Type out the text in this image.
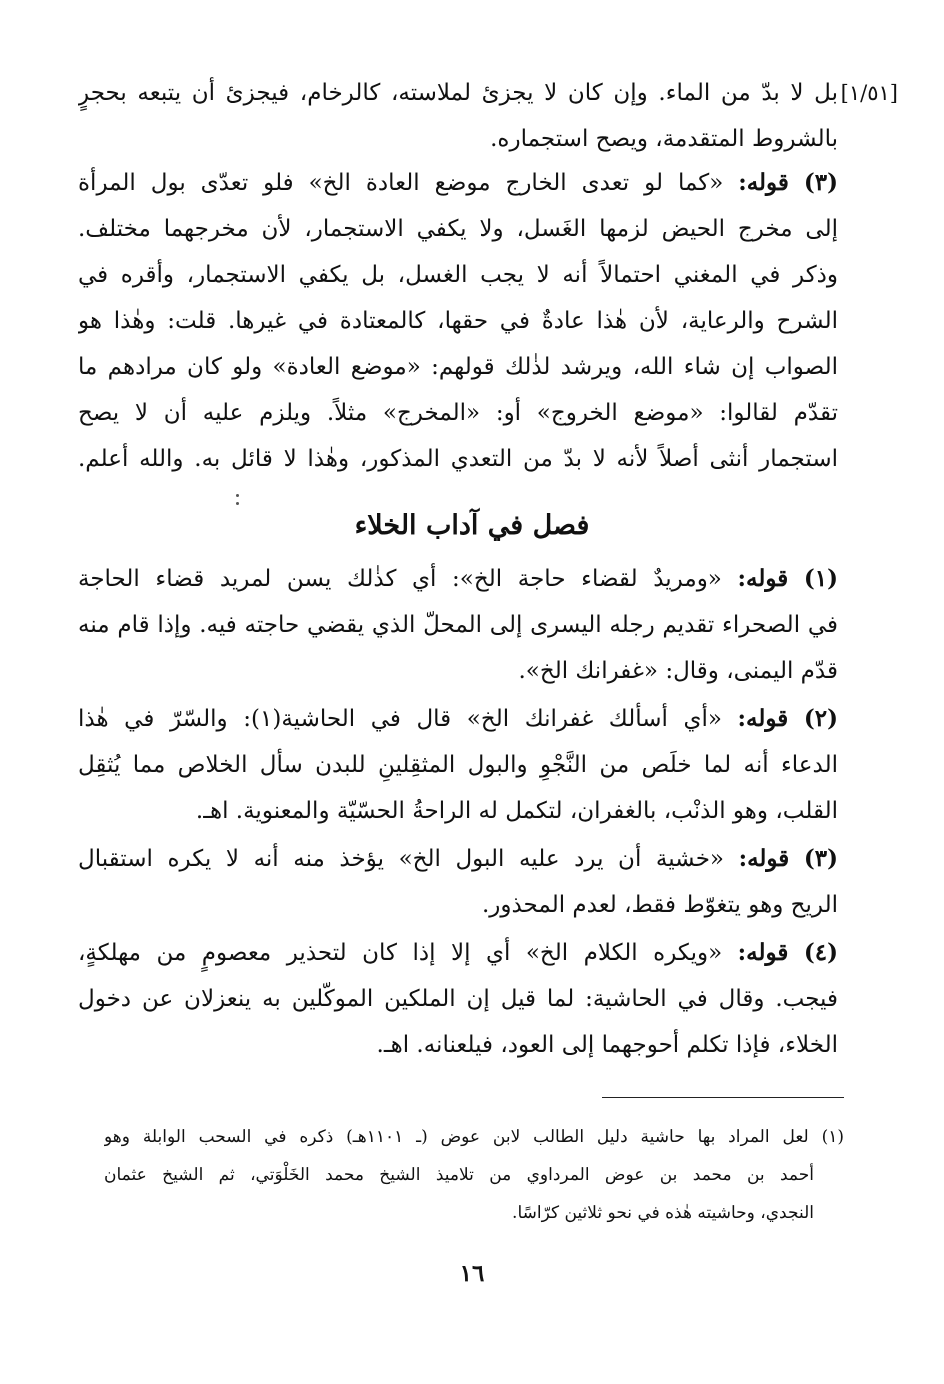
[١/٥١]
بل لا بدّ من الماء. وإن كان لا يجزئ لملاسته، كالرخام، فيجزئ أن يتبعه بحجرٍ
بالشروط المتقدمة، ويصح استجماره.
(٣) قوله: «كما لو تعدى الخارج موضع العادة الخ» فلو تعدّى بول المرأة
إلى مخرج الحيض لزمها الغَسل، ولا يكفي الاستجمار، لأن مخرجهما مختلف.
وذكر في المغني احتمالاً أنه لا يجب الغسل، بل يكفي الاستجمار، وأقره في
الشرح والرعاية، لأن هٰذا عادةٌ في حقها، كالمعتادة في غيرها. قلت: وهٰذا هو
الصواب إن شاء الله، ويرشد لذٰلك قولهم: «موضع العادة» ولو كان مرادهم ما
تقدّم لقالوا: «موضع الخروج» أو: «المخرج» مثلاً. ويلزم عليه أن لا يصح
استجمار أنثى أصلاً لأنه لا بدّ من التعدي المذكور، وهٰذا لا قائل به. والله أعلم.
فصل في آداب الخلاء
(١) قوله: «ومريدٌ لقضاء حاجة الخ»: أي كذٰلك يسن لمريد قضاء الحاجة
في الصحراء تقديم رجله اليسرى إلى المحلّ الذي يقضي حاجته فيه. وإذا قام منه
قدّم اليمنى، وقال: «غفرانك الخ».
(٢) قوله: «أي أسألك غفرانك الخ» قال في الحاشية(١): والسّرّ في هٰذا
الدعاء أنه لما خلَص من النَّجْوِ والبول المثقِلينِ للبدن سأل الخلاص مما يُثقِل
القلب، وهو الذنْب، بالغفران، لتكمل له الراحةُ الحسّيّة والمعنوية. اهـ.
(٣) قوله: «خشية أن يرد عليه البول الخ» يؤخذ منه أنه لا يكره استقبال
الريح وهو يتغوّط فقط، لعدم المحذور.
(٤) قوله: «ويكره الكلام الخ» أي إلا إذا كان لتحذير معصومٍ من مهلكةٍ،
فيجب. وقال في الحاشية: لما قيل إن الملكين الموكّلين به ينعزلان عن دخول
الخلاء، فإذا تكلم أحوجهما إلى العود، فيلعنانه. اهـ.
(١) لعل المراد بها حاشية دليل الطالب لابن عوض (ـ ١١٠١هـ) ذكره في السحب الوابلة وهو
أحمد بن محمد بن عوض المرداوي من تلاميذ الشيخ محمد الخَلْوَتي، ثم الشيخ عثمان
النجدي، وحاشيته هٰذه في نحو ثلاثين كرّاسًا.
١٦
